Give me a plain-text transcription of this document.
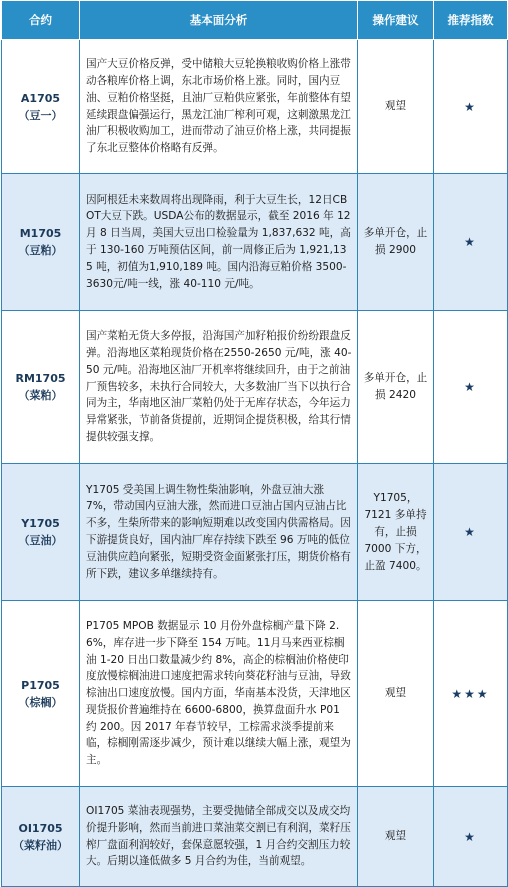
合约	基本面分析	操作建议	推荐指数

A1705
（豆一）	国产大豆价格反弹，受中储粮大豆轮换粮收购价格上涨带动各粮库价格上调，东北市场价格上涨。同时，国内豆油、豆粕价格坚挺，且油厂豆粕供应紧张，年前整体有望延续跟盘偏强运行，黑龙江油厂榨利可观，这刺激黑龙江油厂积极收购加工，进而带动了油豆价格上涨，共同提振了东北豆整体价格略有反弹。	观望	★

M1705
（豆粕）	因阿根廷未来数周将出现降雨，利于大豆生长，12日CBOT大豆下跌。USDA公布的数据显示，截至 2016 年 12 月 8 日当周，美国大豆出口检验量为 1,837,632 吨，高于 130-160 万吨预估区间，前一周修正后为 1,921,135 吨，初值为1,910,189 吨。国内沿海豆粕价格 3500-3630元/吨一线，涨 40-110 元/吨。	多单开仓，止损 2900	★

RM1705
（菜粕）	国产菜粕无货大多停报，沿海国产加籽粕报价纷纷跟盘反弹。沿海地区菜粕现货价格在2550-2650 元/吨，涨 40-50 元/吨。沿海地区油厂开机率将继续回升，由于之前油厂预售较多，未执行合同较大，大多数油厂当下以执行合同为主，华南地区油厂菜粕仍处于无库存状态，今年运力异常紧张，节前备货提前，近期饲企提货积极，给其行情提供较强支撑。	多单开仓，止损 2420	★

Y1705
（豆油）	Y1705 受美国上调生物性柴油影响，外盘豆油大涨 7%，带动国内豆油大涨，然而进口豆油占国内豆油占比不多，生柴所带来的影响短期难以改变国内供需格局。因下游提货良好，国内油厂库存持续下跌至 96 万吨的低位 豆油供应趋向紧张，短期受资金面紧张打压，期货价格有所下跌，建议多单继续持有。	Y1705，7121 多单持有，止损7000 下方，止盈 7400。	★

P1705
（棕榈）	P1705 MPOB 数据显示 10 月份外盘棕榈产量下降 2.6%，库存进一步下降至 154 万吨。11月马来西亚棕榈油 1-20 日出口数量减少约 8%，高企的棕榈油价格使印度放慢棕榈油进口速度把需求转向葵花籽油与豆油，导致棕油出口速度放慢。国内方面，华南基本没货，天津地区现货报价普遍维持在 6600-6800，换算盘面升水 P01 约 200。因 2017 年春节较早，工棕需求淡季提前来临，棕榈刚需逐步减少，预计难以继续大幅上涨，观望为主。	观望	★★★

OI1705
（菜籽油）	OI1705 菜油表现强势，主要受抛储全部成交以及成交均价提升影响，然而当前进口菜油菜交割已有利润，菜籽压榨厂盘面利润较好，套保意愿较强，1 月合约交割压力较大。后期以逢低做多 5 月合约为佳，当前观望。	观望	★
